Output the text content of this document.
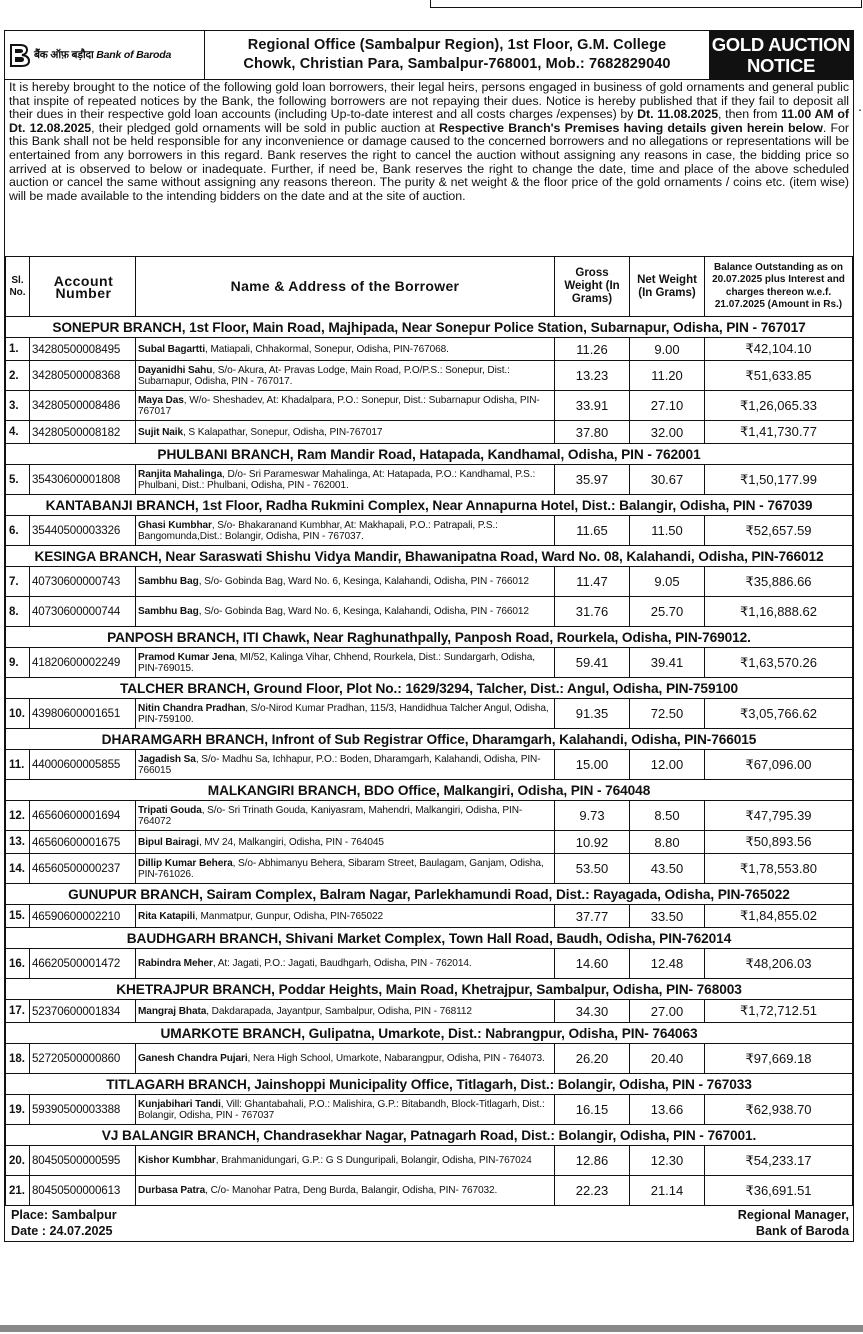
.
बैंक ऑफ़ बड़ौदा Bank of Baroda
Regional Office (Sambalpur Region), 1st Floor, G.M. College
Chowk, Christian Para, Sambalpur-768001, Mob.: 7682829040
GOLD AUCTION
NOTICE
It is hereby brought to the notice of the following gold loan borrowers, their legal heirs, persons engaged in business of gold ornaments and general public that inspite of repeated notices by the Bank, the following borrowers are not repaying their dues. Notice is hereby published that if they fail to deposit all their dues in their respective gold loan accounts (including Up-to-date interest and all costs charges /expenses) by Dt. 11.08.2025, then from 11.00 AM of Dt. 12.08.2025, their pledged gold ornaments will be sold in public auction at Respective Branch's Premises having details given herein below. For this Bank shall not be held responsible for any inconvenience or damage caused to the concerned borrowers and no allegations or representations will be entertained from any borrowers in this regard. Bank reserves the right to cancel the auction without assigning any reasons in case, the bidding price so arrived at is observed to below or inadequate. Further, if need be, Bank reserves the right to change the date, time and place of the above scheduled auction or cancel the same without assigning any reasons thereon. The purity & net weight & the floor price of the gold ornaments / coins etc. (item wise) will be made available to the intending bidders on the date and at the site of auction.
Sl. No.	Account Number	Name & Address of the Borrower	Gross Weight (In Grams)	Net Weight (In Grams)	Balance Outstanding as on 20.07.2025 plus Interest and charges thereon w.e.f. 21.07.2025 (Amount in Rs.)
SONEPUR BRANCH, 1st Floor, Main Road, Majhipada, Near Sonepur Police Station, Subarnapur, Odisha, PIN - 767017					
1.	34280500008495	Subal Bagartti, Matiapali, Chhakormal, Sonepur, Odisha, PIN-767068.	11.26	9.00	₹42,104.10
2.	34280500008368	Dayanidhi Sahu, S/o- Akura, At- Pravas Lodge, Main Road, P.O/P.S.: Sonepur, Dist.: Subarnapur, Odisha, PIN - 767017.	13.23	11.20	₹51,633.85
3.	34280500008486	Maya Das, W/o- Sheshadev, At: Khadalpara, P.O.: Sonepur, Dist.: Subarnapur Odisha, PIN-767017	33.91	27.10	₹1,26,065.33
4.	34280500008182	Sujit Naik, S Kalapathar, Sonepur, Odisha, PIN-767017	37.80	32.00	₹1,41,730.77
PHULBANI BRANCH, Ram Mandir Road, Hatapada, Kandhamal, Odisha, PIN - 762001					
5.	35430600001808	Ranjita Mahalinga, D/o- Sri Parameswar Mahalinga, At: Hatapada, P.O.: Kandhamal, P.S.: Phulbani, Dist.: Phulbani, Odisha, PIN - 762001.	35.97	30.67	₹1,50,177.99
KANTABANJI BRANCH, 1st Floor, Radha Rukmini Complex, Near Annapurna Hotel, Dist.: Balangir, Odisha, PIN - 767039					
6.	35440500003326	Ghasi Kumbhar, S/o- Bhakaranand Kumbhar, At: Makhapali, P.O.: Patrapali, P.S.: Bangomunda,Dist.: Bolangir, Odisha, PIN - 767037.	11.65	11.50	₹52,657.59
KESINGA BRANCH, Near Saraswati Shishu Vidya Mandir, Bhawanipatna Road, Ward No. 08, Kalahandi, Odisha, PIN-766012					
7.	40730600000743	Sambhu Bag, S/o- Gobinda Bag, Ward No. 6, Kesinga, Kalahandi, Odisha, PIN - 766012	11.47	9.05	₹35,886.66
8.	40730600000744	Sambhu Bag, S/o- Gobinda Bag, Ward No. 6, Kesinga, Kalahandi, Odisha, PIN - 766012	31.76	25.70	₹1,16,888.62
PANPOSH BRANCH, ITI Chawk, Near Raghunathpally, Panposh Road, Rourkela, Odisha, PIN-769012.					
9.	41820600002249	Pramod Kumar Jena, MI/52, Kalinga Vihar, Chhend, Rourkela, Dist.: Sundargarh, Odisha, PIN-769015.	59.41	39.41	₹1,63,570.26
TALCHER BRANCH, Ground Floor, Plot No.: 1629/3294, Talcher, Dist.: Angul, Odisha, PIN-759100					
10.	43980600001651	Nitin Chandra Pradhan, S/o-Nirod Kumar Pradhan, 115/3, Handidhua Talcher Angul, Odisha, PIN-759100.	91.35	72.50	₹3,05,766.62
DHARAMGARH BRANCH, Infront of Sub Registrar Office, Dharamgarh, Kalahandi, Odisha, PIN-766015					
11.	44000600005855	Jagadish Sa, S/o- Madhu Sa, Ichhapur, P.O.: Boden, Dharamgarh, Kalahandi, Odisha, PIN-766015	15.00	12.00	₹67,096.00
MALKANGIRI BRANCH, BDO Office, Malkangiri, Odisha, PIN - 764048					
12.	46560600001694	Tripati Gouda, S/o- Sri Trinath Gouda, Kaniyasram, Mahendri, Malkangiri, Odisha, PIN-764072	9.73	8.50	₹47,795.39
13.	46560600001675	Bipul Bairagi, MV 24, Malkangiri, Odisha, PIN - 764045	10.92	8.80	₹50,893.56
14.	46560500000237	Dillip Kumar Behera, S/o- Abhimanyu Behera, Sibaram Street, Baulagam, Ganjam, Odisha, PIN-761026.	53.50	43.50	₹1,78,553.80
GUNUPUR BRANCH, Sairam Complex, Balram Nagar, Parlekhamundi Road, Dist.: Rayagada, Odisha, PIN-765022					
15.	46590600002210	Rita Katapili, Manmatpur, Gunpur, Odisha, PIN-765022	37.77	33.50	₹1,84,855.02
BAUDHGARH BRANCH, Shivani Market Complex, Town Hall Road, Baudh, Odisha, PIN-762014					
16.	46620500001472	Rabindra Meher, At: Jagati, P.O.: Jagati, Baudhgarh, Odisha, PIN - 762014.	14.60	12.48	₹48,206.03
KHETRAJPUR BRANCH, Poddar Heights, Main Road, Khetrajpur, Sambalpur, Odisha, PIN- 768003					
17.	52370600001834	Mangraj Bhata, Dakdarapada, Jayantpur, Sambalpur, Odisha, PIN - 768112	34.30	27.00	₹1,72,712.51
UMARKOTE BRANCH, Gulipatna, Umarkote, Dist.: Nabrangpur, Odisha, PIN- 764063					
18.	52720500000860	Ganesh Chandra Pujari, Nera High School, Umarkote, Nabarangpur, Odisha, PIN - 764073.	26.20	20.40	₹97,669.18
TITLAGARH BRANCH, Jainshoppi Municipality Office, Titlagarh, Dist.: Bolangir, Odisha, PIN - 767033					
19.	59390500003388	Kunjabihari Tandi, Vill: Ghantabahali, P.O.: Malishira, G.P.: Bitabandh, Block-Titlagarh, Dist.: Bolangir, Odisha, PIN - 767037	16.15	13.66	₹62,938.70
VJ BALANGIR BRANCH, Chandrasekhar Nagar, Patnagarh Road, Dist.: Bolangir, Odisha, PIN - 767001.					
20.	80450500000595	Kishor Kumbhar, Brahmanidungari, G.P.: G S Dunguripali, Bolangir, Odisha, PIN-767024	12.86	12.30	₹54,233.17
21.	80450500000613	Durbasa Patra, C/o- Manohar Patra, Deng Burda, Balangir, Odisha, PIN- 767032.	22.23	21.14	₹36,691.51
Place: Sambalpur
Date : 24.07.2025
Regional Manager,
Bank of Baroda
